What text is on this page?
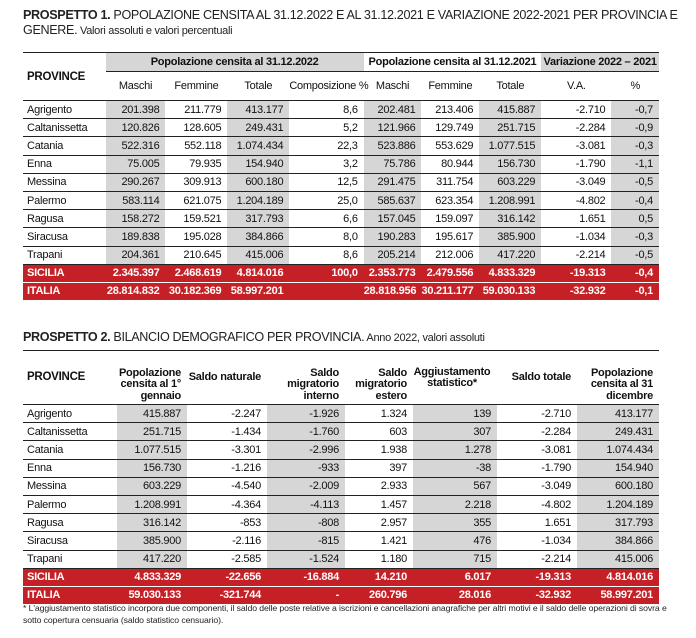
PROSPETTO 1. POPOLAZIONE CENSITA AL 31.12.2022 E AL 31.12.2021 E VARIAZIONE 2022-2021 PER PROVINCIA E GENERE. Valori assoluti e valori percentuali
PROVINCE	Popolazione censita al 31.12.2022				Popolazione censita al 31.12.2021			Variazione 2022 – 2021	
	Maschi	Femmine	Totale	Composizione %	Maschi	Femmine	Totale	V.A.	%
Agrigento	201.398	211.779	413.177	8,6	202.481	213.406	415.887	-2.710	-0,7
Caltanissetta	120.826	128.605	249.431	5,2	121.966	129.749	251.715	-2.284	-0,9
Catania	522.316	552.118	1.074.434	22,3	523.886	553.629	1.077.515	-3.081	-0,3
Enna	75.005	79.935	154.940	3,2	75.786	80.944	156.730	-1.790	-1,1
Messina	290.267	309.913	600.180	12,5	291.475	311.754	603.229	-3.049	-0,5
Palermo	583.114	621.075	1.204.189	25,0	585.637	623.354	1.208.991	-4.802	-0,4
Ragusa	158.272	159.521	317.793	6,6	157.045	159.097	316.142	1.651	0,5
Siracusa	189.838	195.028	384.866	8,0	190.283	195.617	385.900	-1.034	-0,3
Trapani	204.361	210.645	415.006	8,6	205.214	212.006	417.220	-2.214	-0,5
SICILIA	2.345.397	2.468.619	4.814.016	100,0	2.353.773	2.479.556	4.833.329	-19.313	-0,4
ITALIA	28.814.832	30.182.369	58.997.201		28.818.956	30.211.177	59.030.133	-32.932	-0,1
PROSPETTO 2. BILANCIO DEMOGRAFICO PER PROVINCIA. Anno 2022, valori assoluti
PROVINCE	Popolazione
censita al 1°
gennaio

Saldo naturale	Saldo
migratorio
interno

Saldo
migratorio
estero

Aggiustamento
statistico*	Saldo totale	Popolazione
censita al 31
dicembre

Agrigento	415.887	-2.247	-1.926	1.324	139	-2.710	413.177
Caltanissetta	251.715	-1.434	-1.760	603	307	-2.284	249.431
Catania	1.077.515	-3.301	-2.996	1.938	1.278	-3.081	1.074.434
Enna	156.730	-1.216	-933	397	-38	-1.790	154.940
Messina	603.229	-4.540	-2.009	2.933	567	-3.049	600.180
Palermo	1.208.991	-4.364	-4.113	1.457	2.218	-4.802	1.204.189
Ragusa	316.142	-853	-808	2.957	355	1.651	317.793
Siracusa	385.900	-2.116	-815	1.421	476	-1.034	384.866
Trapani	417.220	-2.585	-1.524	1.180	715	-2.214	415.006
SICILIA	4.833.329	-22.656	-16.884	14.210	6.017	-19.313	4.814.016
ITALIA	59.030.133	-321.744	-	260.796	28.016	-32.932	58.997.201
* L'aggiustamento statistico incorpora due componenti, il saldo delle poste relative a iscrizioni e cancellazioni anagrafiche per altri motivi e il saldo delle operazioni di sovra e sotto copertura censuaria (saldo statistico censuario).
